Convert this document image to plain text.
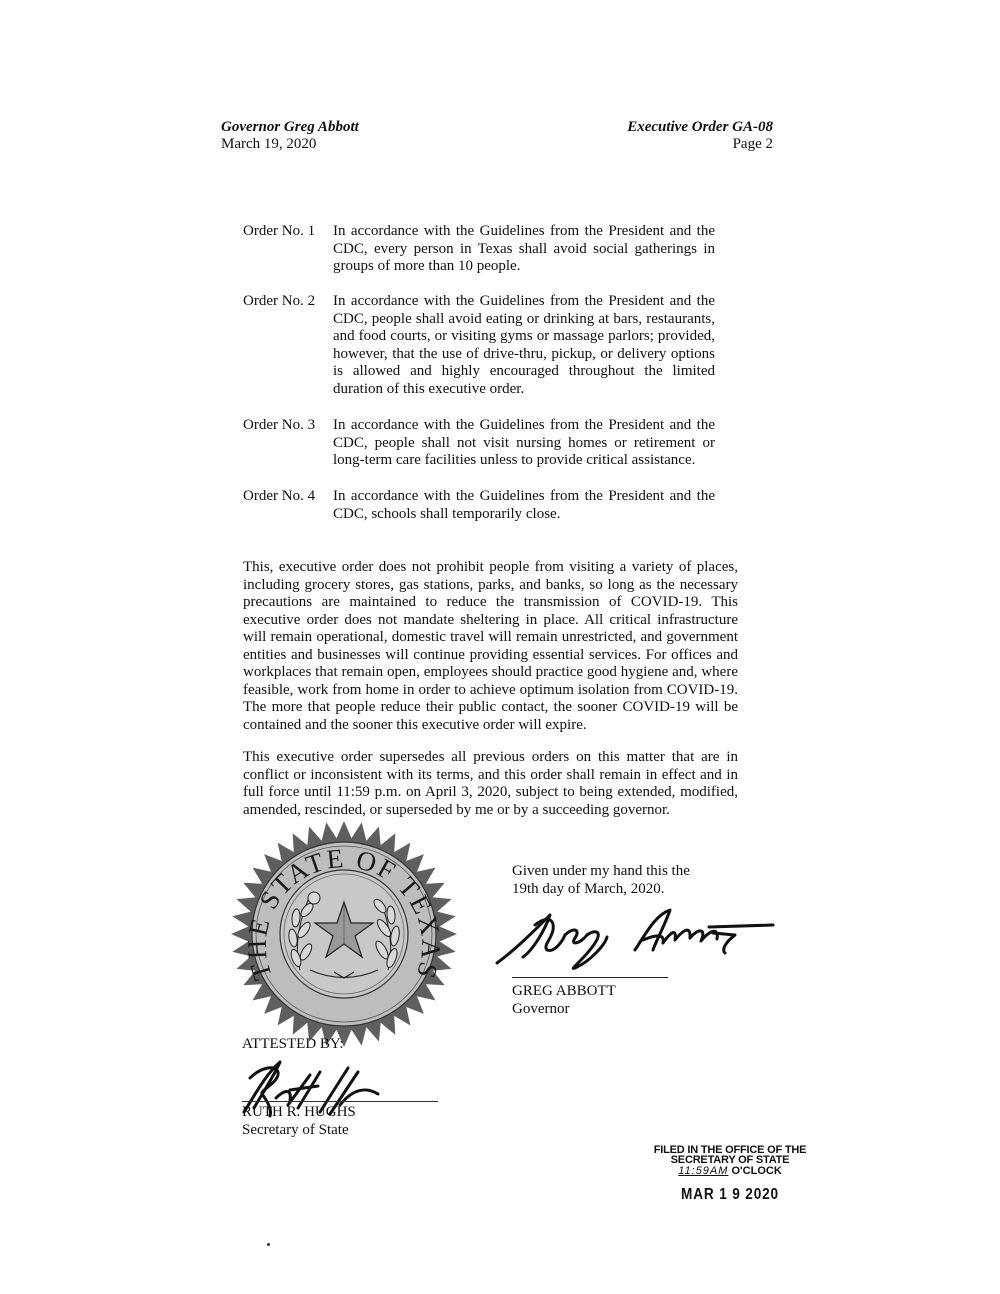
Governor Greg Abbott
March 19, 2020
Executive Order GA-08
Page 2
Order No. 1 In accordance with the Guidelines from the President and the CDC, every person in Texas shall avoid social gatherings in groups of more than 10 people.
Order No. 2 In accordance with the Guidelines from the President and the CDC, people shall avoid eating or drinking at bars, restaurants, and food courts, or visiting gyms or massage parlors; provided, however, that the use of drive-thru, pickup, or delivery options is allowed and highly encouraged throughout the limited duration of this executive order.
Order No. 3 In accordance with the Guidelines from the President and the CDC, people shall not visit nursing homes or retirement or long-term care facilities unless to provide critical assistance.
Order No. 4 In accordance with the Guidelines from the President and the CDC, schools shall temporarily close.
This, executive order does not prohibit people from visiting a variety of places, including grocery stores, gas stations, parks, and banks, so long as the necessary precautions are maintained to reduce the transmission of COVID-19. This executive order does not mandate sheltering in place. All critical infrastructure will remain operational, domestic travel will remain unrestricted, and government entities and businesses will continue providing essential services. For offices and workplaces that remain open, employees should practice good hygiene and, where feasible, work from home in order to achieve optimum isolation from COVID-19. The more that people reduce their public contact, the sooner COVID-19 will be contained and the sooner this executive order will expire.
This executive order supersedes all previous orders on this matter that are in conflict or inconsistent with its terms, and this order shall remain in effect and in full force until 11:59 p.m. on April 3, 2020, subject to being extended, modified, amended, rescinded, or superseded by me or by a succeeding governor.
THE STATE OF TEXAS
Given under my hand this the
19th day of March, 2020.
GREG ABBOTT
Governor
ATTESTED BY:
RUTH R. HUGHS
Secretary of State
FILED IN THE OFFICE OF THE
SECRETARY OF STATE
11:59AM O'CLOCK
MAR 1 9 2020
